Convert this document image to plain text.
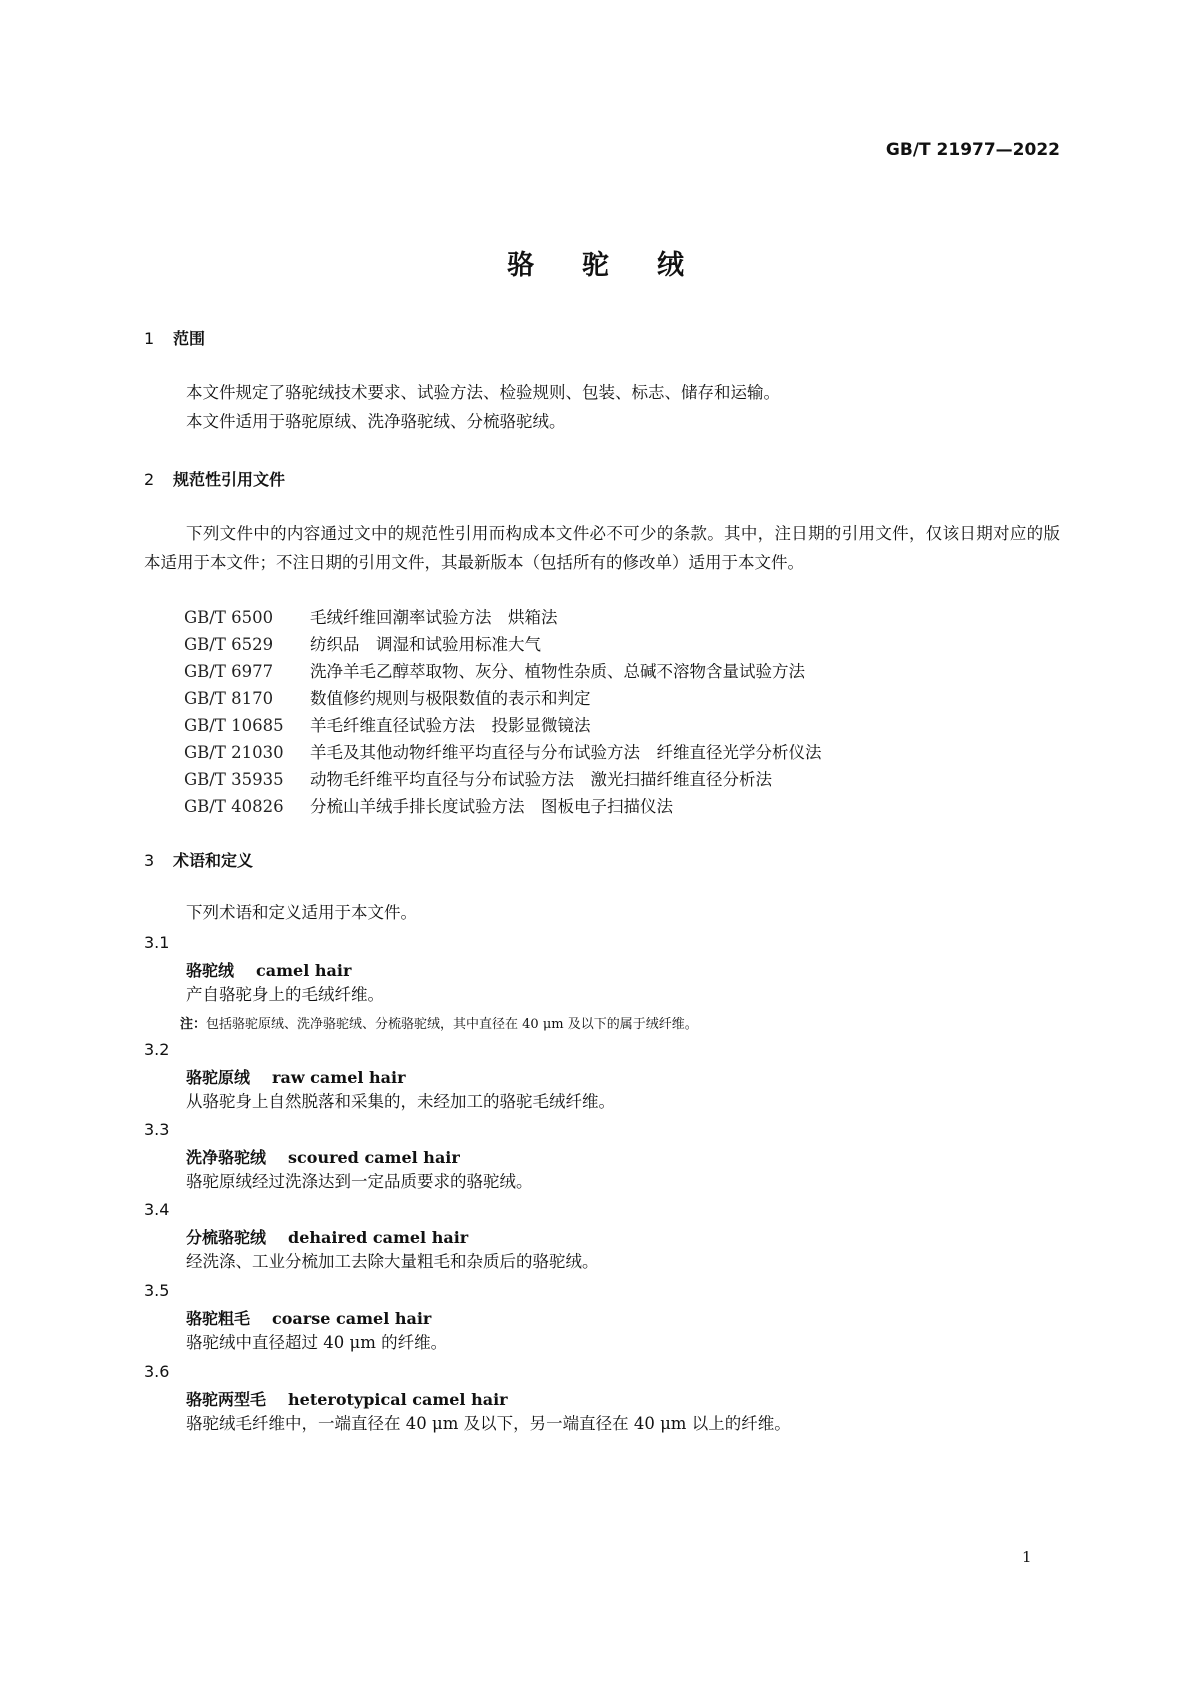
GB/T 21977—2022
骆驼绒
1 范围
本文件规定了骆驼绒技术要求、试验方法、检验规则、包装、标志、储存和运输。
本文件适用于骆驼原绒、洗净骆驼绒、分梳骆驼绒。
2 规范性引用文件
下列文件中的内容通过文中的规范性引用而构成本文件必不可少的条款。其中，注日期的引用文件，仅该日期对应的版本适用于本文件；不注日期的引用文件，其最新版本（包括所有的修改单）适用于本文件。
GB/T 6500 毛绒纤维回潮率试验方法　烘箱法
GB/T 6529 纺织品　调湿和试验用标准大气
GB/T 6977 洗净羊毛乙醇萃取物、灰分、植物性杂质、总碱不溶物含量试验方法
GB/T 8170 数值修约规则与极限数值的表示和判定
GB/T 10685 羊毛纤维直径试验方法　投影显微镜法
GB/T 21030 羊毛及其他动物纤维平均直径与分布试验方法　纤维直径光学分析仪法
GB/T 35935 动物毛纤维平均直径与分布试验方法　激光扫描纤维直径分析法
GB/T 40826 分梳山羊绒手排长度试验方法　图板电子扫描仪法
3 术语和定义
下列术语和定义适用于本文件。
3.1
骆驼绒 camel hair
产自骆驼身上的毛绒纤维。
注：包括骆驼原绒、洗净骆驼绒、分梳骆驼绒，其中直径在 40 μm 及以下的属于绒纤维。
3.2
骆驼原绒 raw camel hair
从骆驼身上自然脱落和采集的，未经加工的骆驼毛绒纤维。
3.3
洗净骆驼绒 scoured camel hair
骆驼原绒经过洗涤达到一定品质要求的骆驼绒。
3.4
分梳骆驼绒 dehaired camel hair
经洗涤、工业分梳加工去除大量粗毛和杂质后的骆驼绒。
3.5
骆驼粗毛 coarse camel hair
骆驼绒中直径超过 40 μm 的纤维。
3.6
骆驼两型毛 heterotypical camel hair
骆驼绒毛纤维中，一端直径在 40 μm 及以下，另一端直径在 40 μm 以上的纤维。
1
